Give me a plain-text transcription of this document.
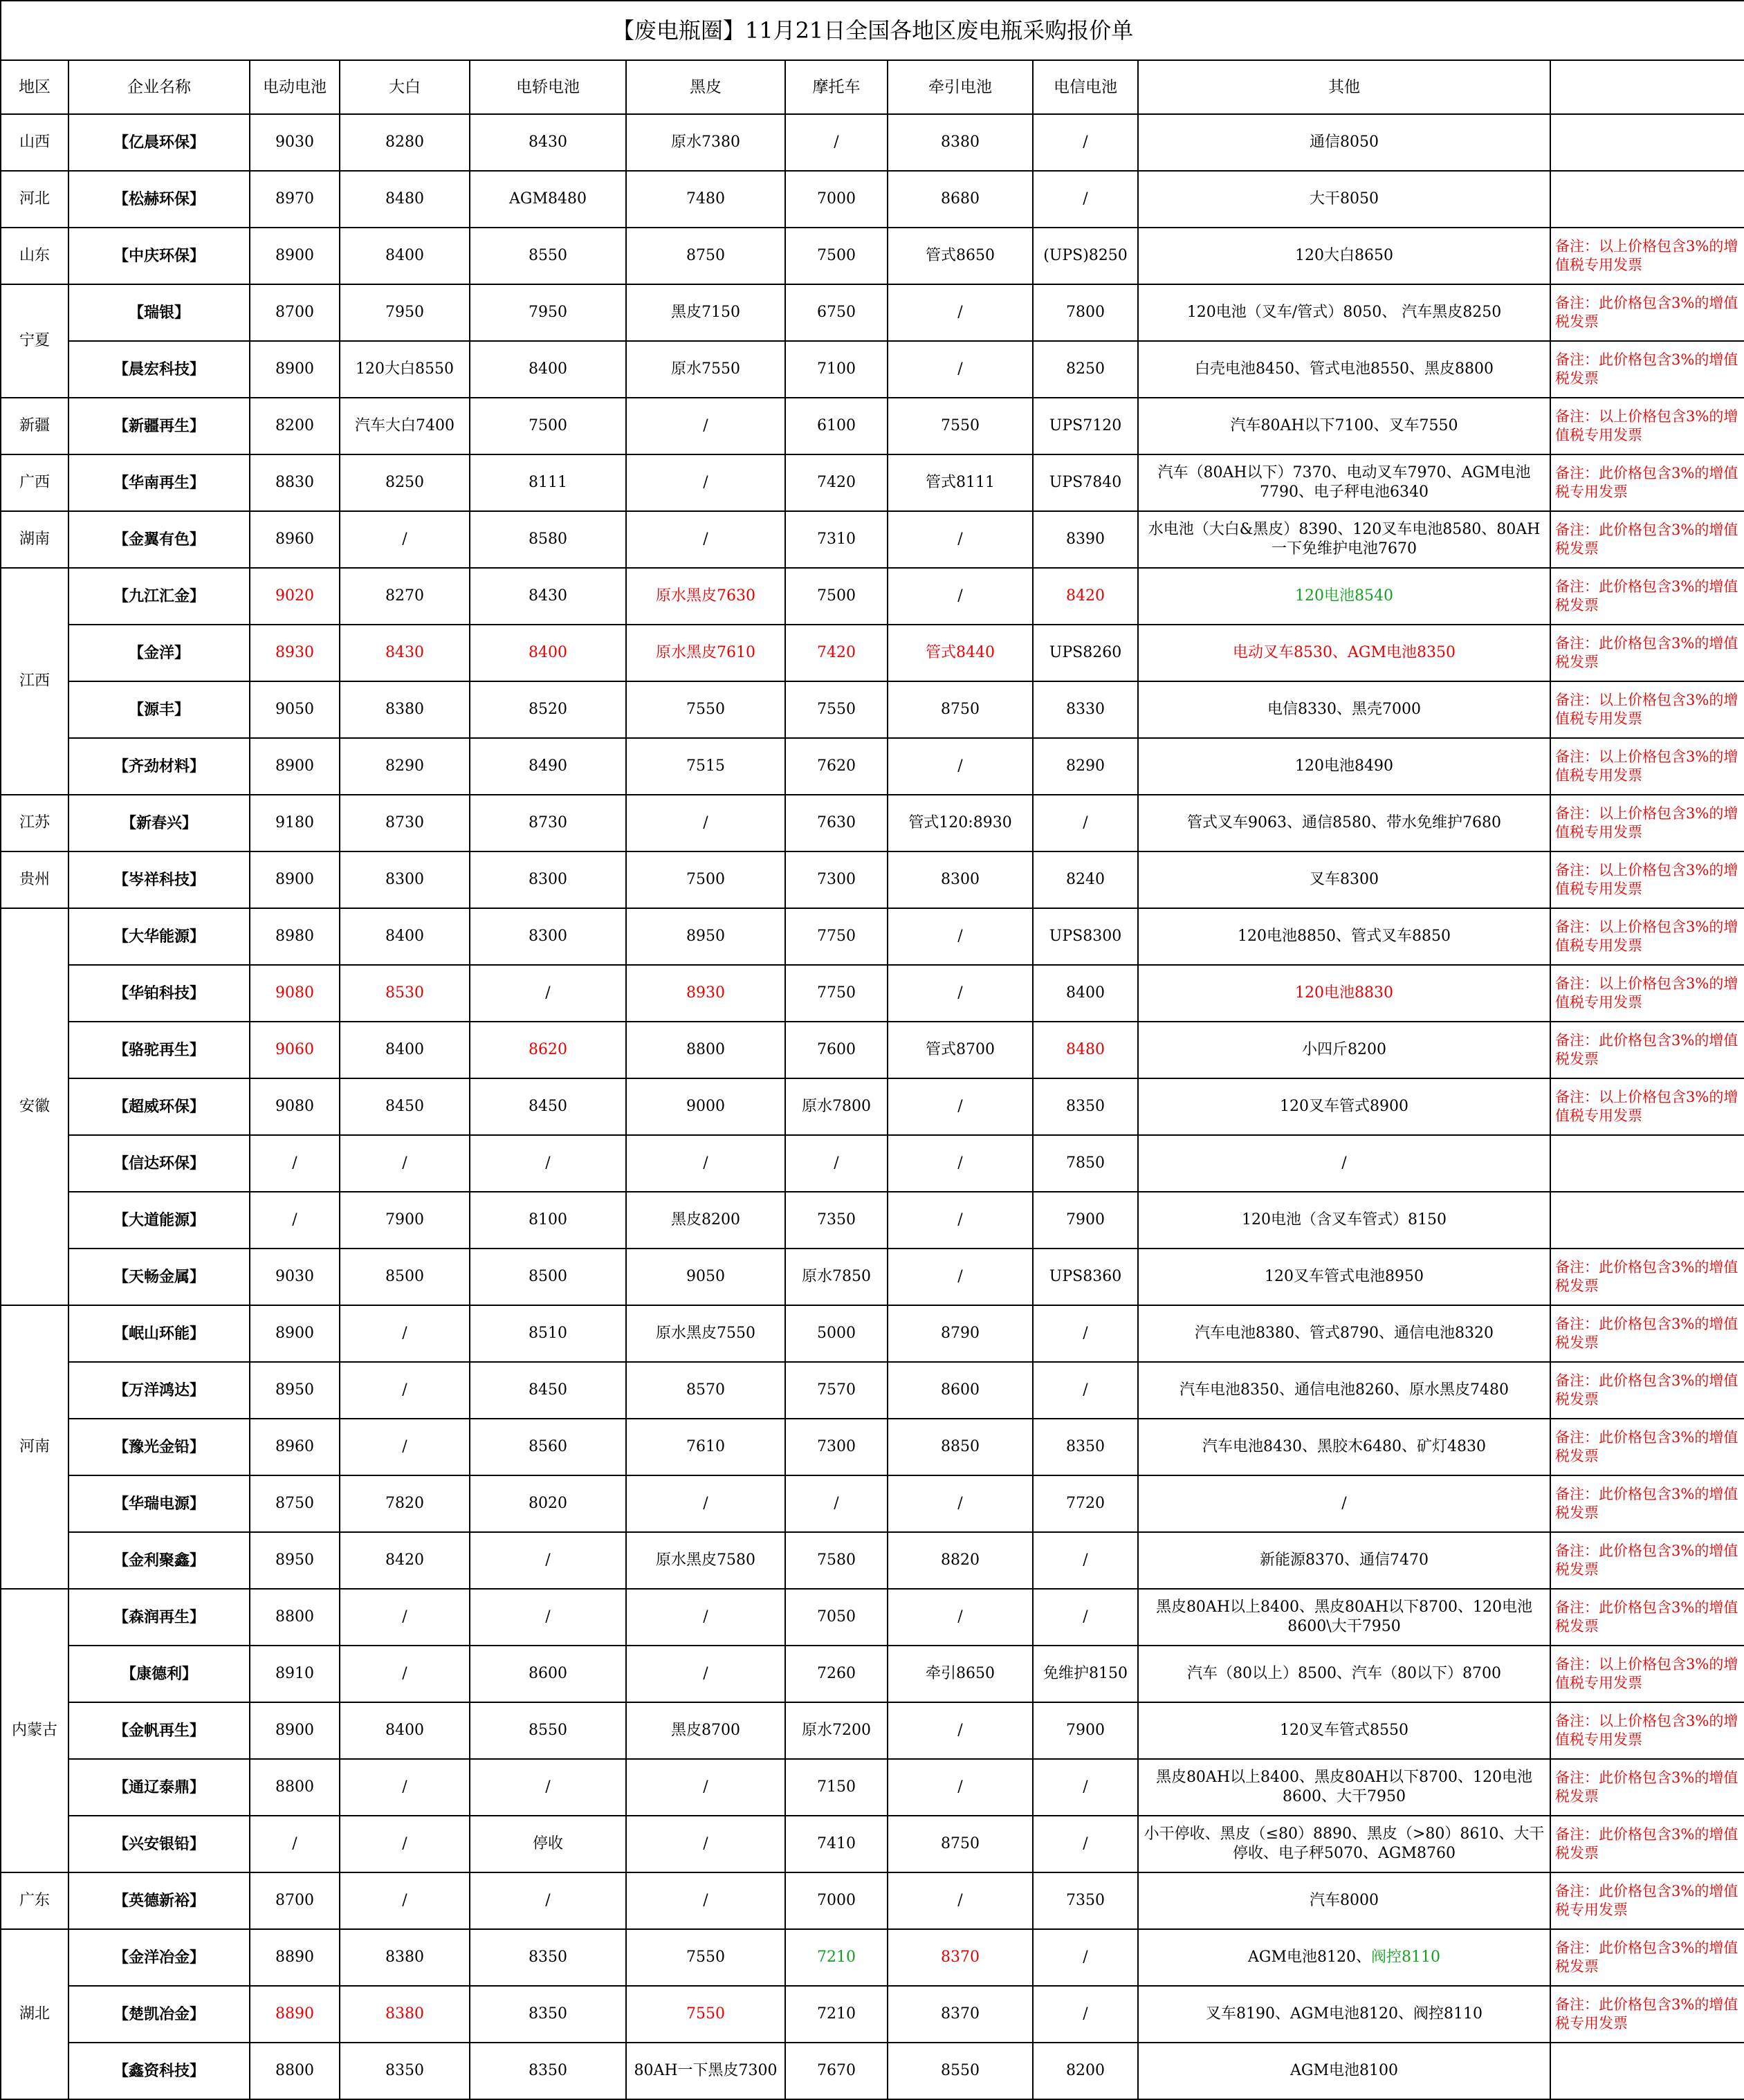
【废电瓶圈】11月21日全国各地区废电瓶采购报价单										
地区	企业名称	电动电池	大白	电轿电池	黑皮	摩托车	牵引电池	电信电池	其他	
山西	【亿晨环保】	9030	8280	8430	原水7380	/	8380	/	通信8050	
河北	【松赫环保】	8970	8480	AGM8480	7480	7000	8680	/	大干8050	
山东	【中庆环保】	8900	8400	8550	8750	7500	管式8650	(UPS)8250	120大白8650	备注：以上价格包含3%的增值税专用发票
宁夏	【瑞银】	8700	7950	7950	黑皮7150	6750	/	7800	120电池（叉车/管式）8050、 汽车黑皮8250	备注：此价格包含3%的增值税发票
	【晨宏科技】	8900	120大白8550	8400	原水7550	7100	/	8250	白壳电池8450、管式电池8550、黑皮8800	备注：此价格包含3%的增值税发票
新疆	【新疆再生】	8200	汽车大白7400	7500	/	6100	7550	UPS7120	汽车80AH以下7100、叉车7550	备注：以上价格包含3%的增值税专用发票
广西	【华南再生】	8830	8250	8111	/	7420	管式8111	UPS7840	汽车（80AH以下）7370、电动叉车7970、AGM电池7790、电子秤电池6340	备注：此价格包含3%的增值税专用发票
湖南	【金翼有色】	8960	/	8580	/	7310	/	8390	水电池（大白&黑皮）8390、120叉车电池8580、80AH一下免维护电池7670	备注：此价格包含3%的增值税发票
江西	【九江汇金】	9020	8270	8430	原水黑皮7630	7500	/	8420	120电池8540	备注：此价格包含3%的增值税发票
	【金洋】	8930	8430	8400	原水黑皮7610	7420	管式8440	UPS8260	电动叉车8530、AGM电池8350	备注：此价格包含3%的增值税发票
	【源丰】	9050	8380	8520	7550	7550	8750	8330	电信8330、黑壳7000	备注：以上价格包含3%的增值税专用发票
	【齐劲材料】	8900	8290	8490	7515	7620	/	8290	120电池8490	备注：以上价格包含3%的增值税专用发票
江苏	【新春兴】	9180	8730	8730	/	7630	管式120:8930	/	管式叉车9063、通信8580、带水免维护7680	备注：以上价格包含3%的增值税专用发票
贵州	【岑祥科技】	8900	8300	8300	7500	7300	8300	8240	叉车8300	备注：以上价格包含3%的增值税专用发票
安徽	【大华能源】	8980	8400	8300	8950	7750	/	UPS8300	120电池8850、管式叉车8850	备注：以上价格包含3%的增值税专用发票
	【华铂科技】	9080	8530	/	8930	7750	/	8400	120电池8830	备注：以上价格包含3%的增值税专用发票
	【骆驼再生】	9060	8400	8620	8800	7600	管式8700	8480	小四斤8200	备注：此价格包含3%的增值税发票
	【超威环保】	9080	8450	8450	9000	原水7800	/	8350	120叉车管式8900	备注：以上价格包含3%的增值税专用发票
	【信达环保】	/	/	/	/	/	/	7850	/	
	【大道能源】	/	7900	8100	黑皮8200	7350	/	7900	120电池（含叉车管式）8150	
	【天畅金属】	9030	8500	8500	9050	原水7850	/	UPS8360	120叉车管式电池8950	备注：此价格包含3%的增值税发票
河南	【岷山环能】	8900	/	8510	原水黑皮7550	5000	8790	/	汽车电池8380、管式8790、通信电池8320	备注：此价格包含3%的增值税发票
	【万洋鸿达】	8950	/	8450	8570	7570	8600	/	汽车电池8350、通信电池8260、原水黑皮7480	备注：此价格包含3%的增值税发票
	【豫光金铅】	8960	/	8560	7610	7300	8850	8350	汽车电池8430、黑胶木6480、矿灯4830	备注：此价格包含3%的增值税发票
	【华瑞电源】	8750	7820	8020	/	/	/	7720	/	备注：此价格包含3%的增值税发票
	【金利聚鑫】	8950	8420	/	原水黑皮7580	7580	8820	/	新能源8370、通信7470	备注：此价格包含3%的增值税发票
内蒙古	【森润再生】	8800	/	/	/	7050	/	/	黑皮80AH以上8400、黑皮80AH以下8700、120电池8600\大干7950	备注：此价格包含3%的增值税发票
	【康德利】	8910	/	8600	/	7260	牵引8650	免维护8150	汽车（80以上）8500、汽车（80以下）8700	备注：以上价格包含3%的增值税专用发票
	【金帆再生】	8900	8400	8550	黑皮8700	原水7200	/	7900	120叉车管式8550	备注：以上价格包含3%的增值税专用发票
	【通辽泰鼎】	8800	/	/	/	7150	/	/	黑皮80AH以上8400、黑皮80AH以下8700、120电池8600、大干7950	备注：此价格包含3%的增值税发票
	【兴安银铅】	/	/	停收	/	7410	8750	/	小干停收、黑皮（≤80）8890、黑皮（>80）8610、大干停收、电子秤5070、AGM8760	备注：此价格包含3%的增值税发票
广东	【英德新裕】	8700	/	/	/	7000	/	7350	汽车8000	备注：此价格包含3%的增值税专用发票
湖北	【金洋冶金】	8890	8380	8350	7550	7210	8370	/	AGM电池8120、阀控8110	备注：此价格包含3%的增值税发票
	【楚凯冶金】	8890	8380	8350	7550	7210	8370	/	叉车8190、AGM电池8120、阀控8110	备注：此价格包含3%的增值税专用发票
	【鑫资科技】	8800	8350	8350	80AH一下黑皮7300	7670	8550	8200	AGM电池8100	
